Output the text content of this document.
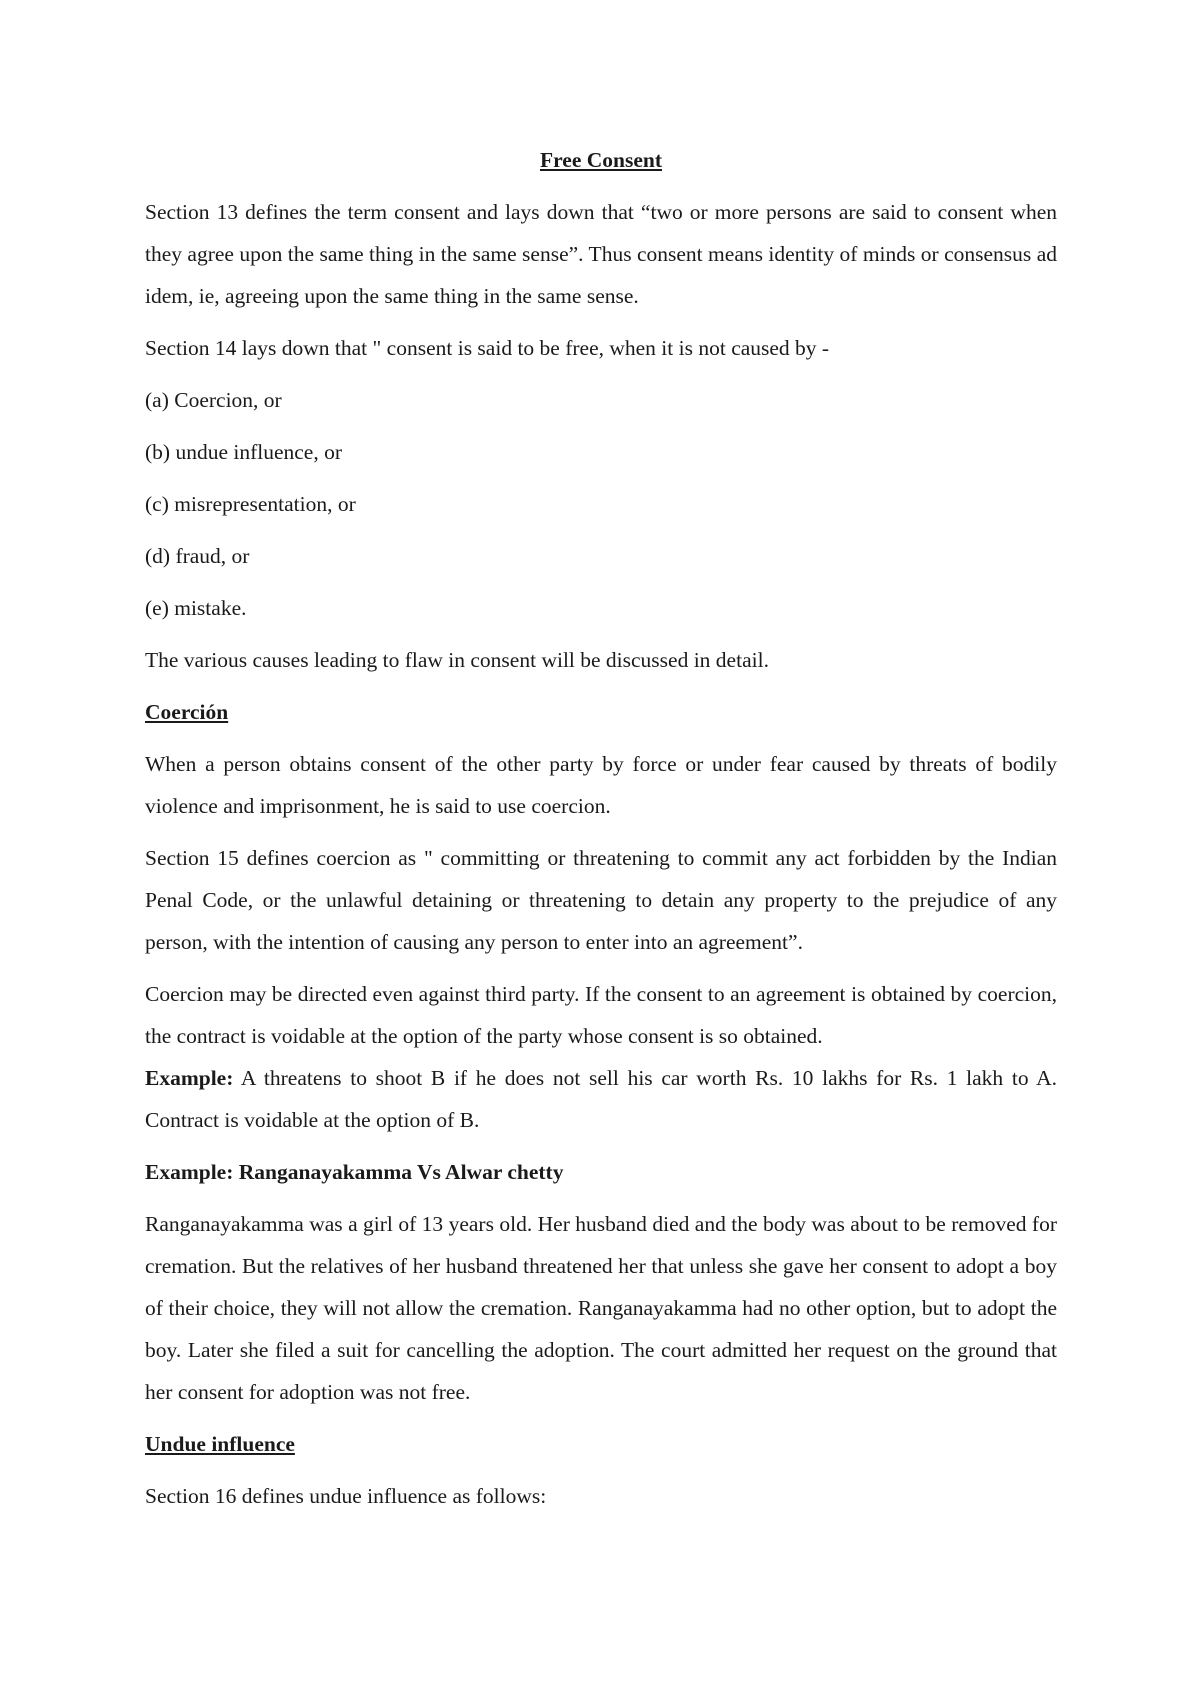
Free Consent

Section 13 defines the term consent and lays down that “two or more persons are said to consent when they agree upon the same thing in the same sense”. Thus consent means identity of minds or consensus ad idem, ie, agreeing upon the same thing in the same sense.

Section 14 lays down that " consent is said to be free, when it is not caused by -

(a) Coercion, or

(b) undue influence, or

(c) misrepresentation, or

(d) fraud, or

(e) mistake.

The various causes leading to flaw in consent will be discussed in detail.

Coerción

When a person obtains consent of the other party by force or under fear caused by threats of bodily violence and imprisonment, he is said to use coercion.

Section 15 defines coercion as " committing or threatening to commit any act forbidden by the Indian Penal Code, or the unlawful detaining or threatening to detain any property to the prejudice of any person, with the intention of causing any person to enter into an agreement”.

Coercion may be directed even against third party. If the consent to an agreement is obtained by coercion, the contract is voidable at the option of the party whose consent is so obtained.

Example: A threatens to shoot B if he does not sell his car worth Rs. 10 lakhs for Rs. 1 lakh to A. Contract is voidable at the option of B.

Example: Ranganayakamma Vs Alwar chetty

Ranganayakamma was a girl of 13 years old. Her husband died and the body was about to be removed for cremation. But the relatives of her husband threatened her that unless she gave her consent to adopt a boy of their choice, they will not allow the cremation. Ranganayakamma had no other option, but to adopt the boy. Later she filed a suit for cancelling the adoption. The court admitted her request on the ground that her consent for adoption was not free.

Undue influence

Section 16 defines undue influence as follows:
